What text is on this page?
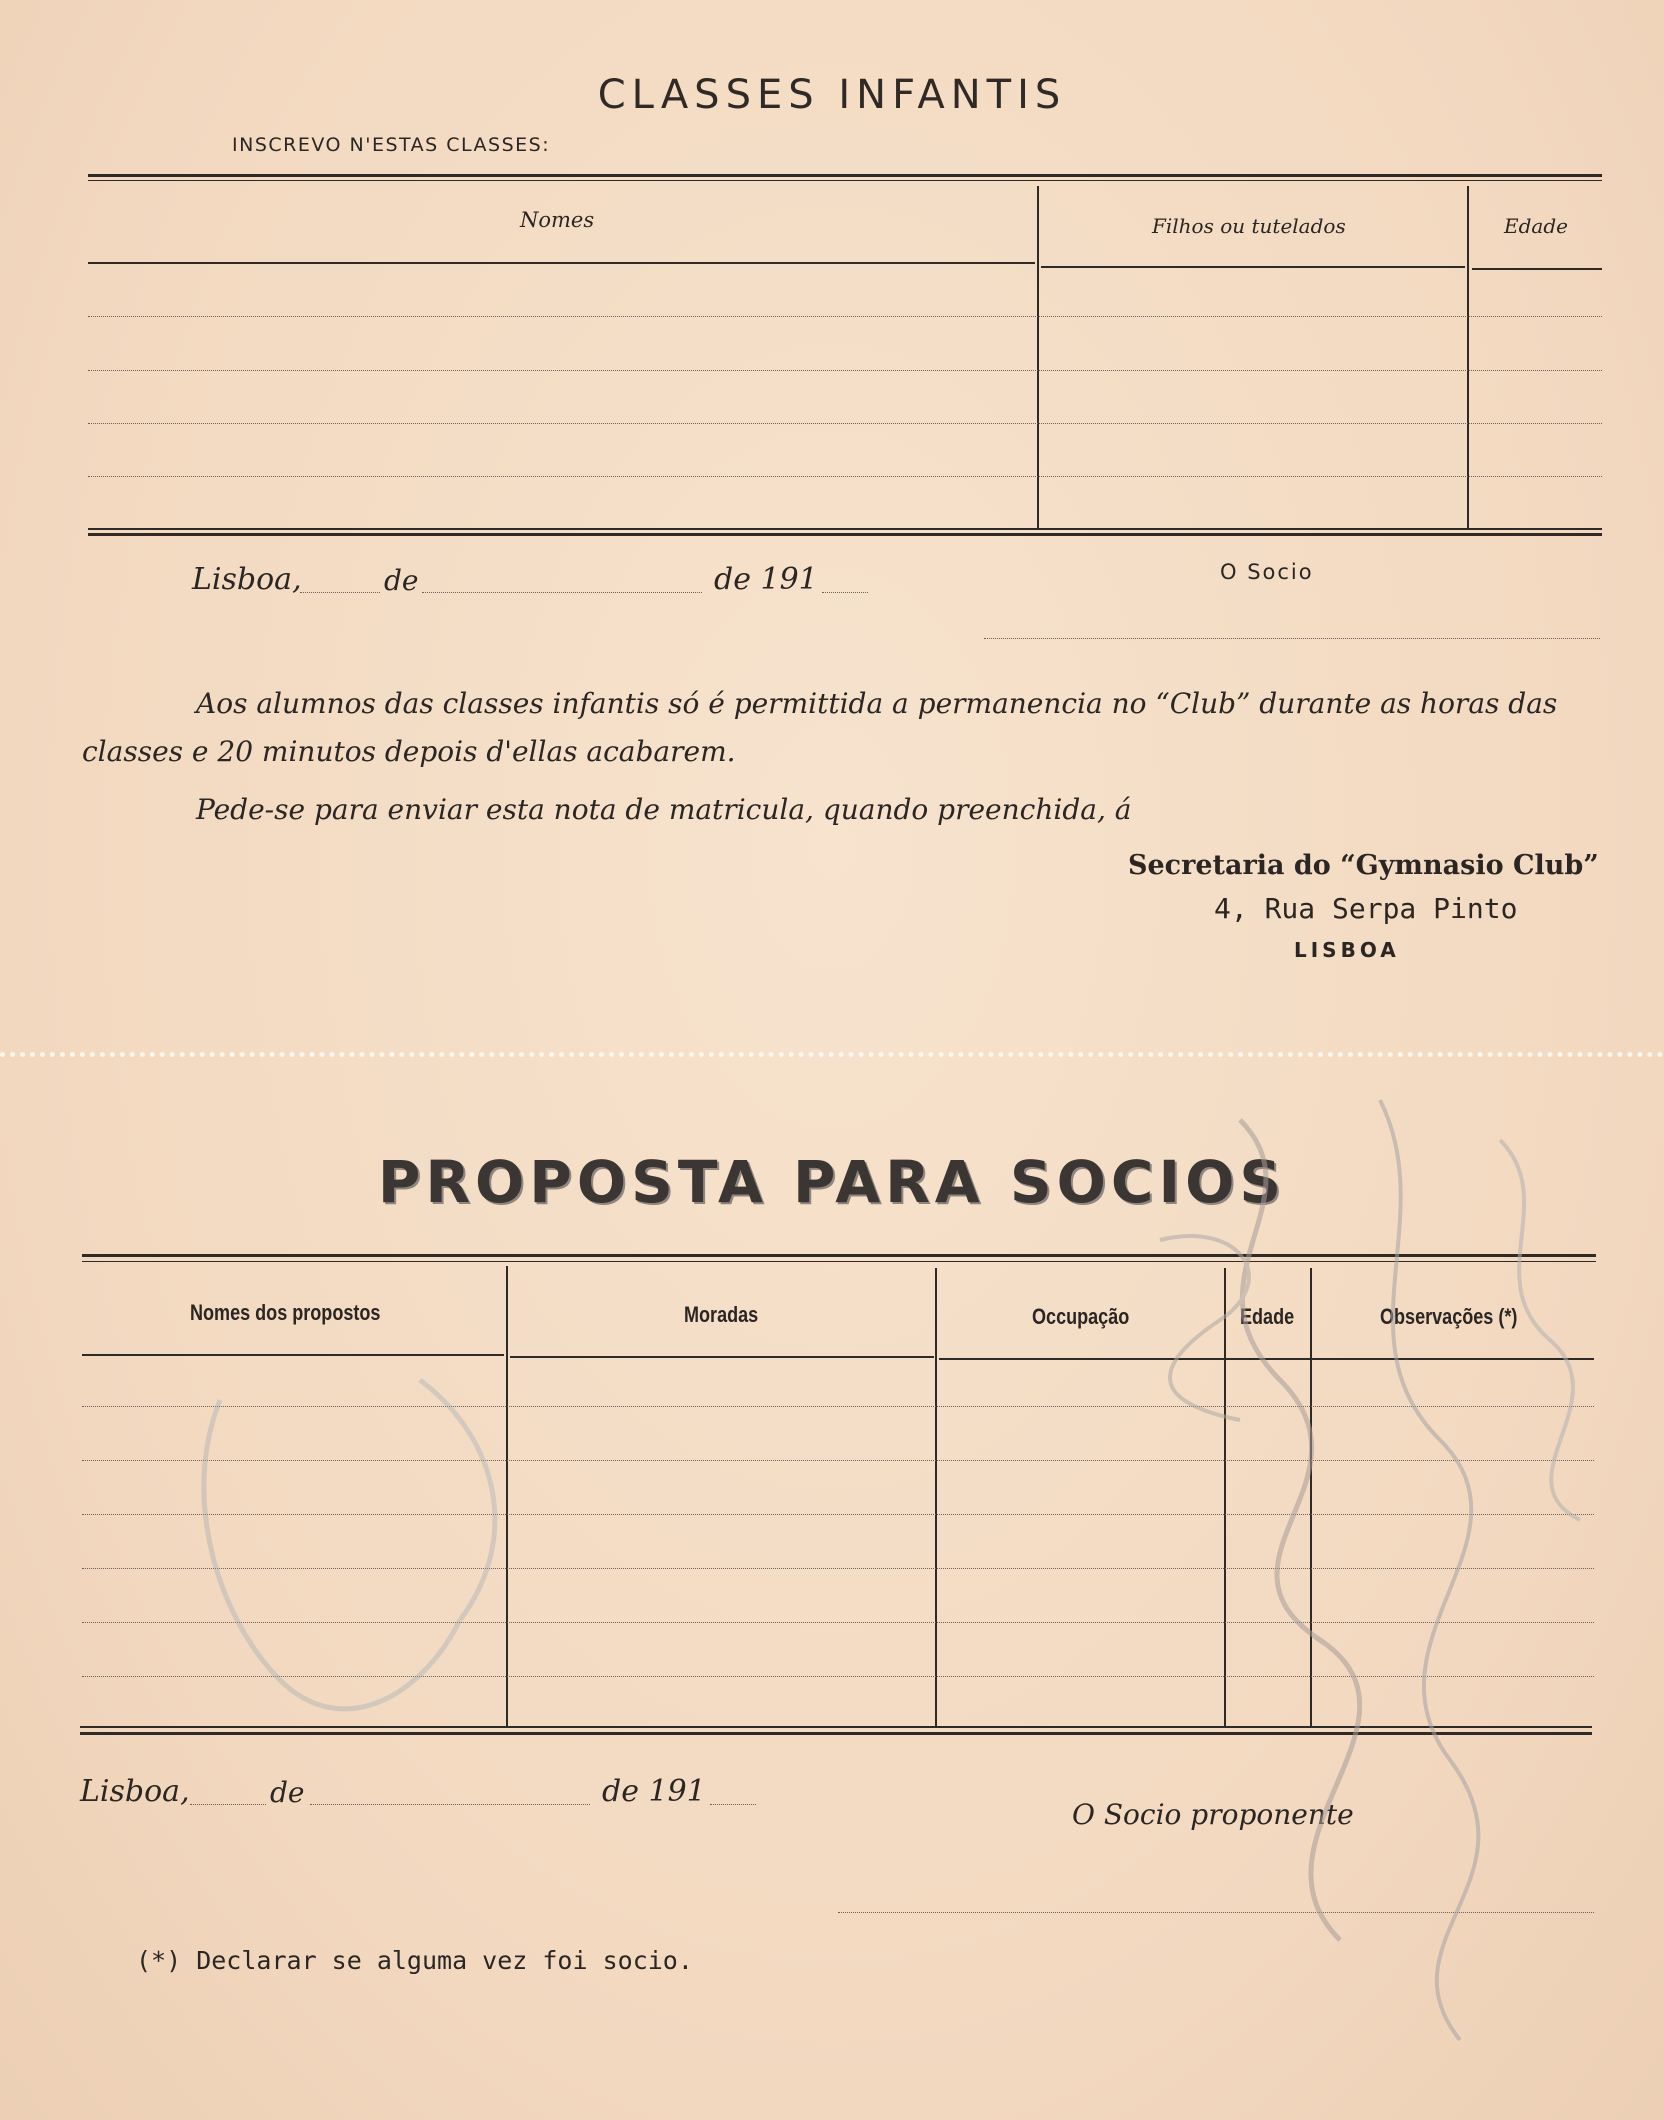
CLASSES INFANTIS
INSCREVO N'ESTAS CLASSES:
Nomes	Filhos ou tutelados	Edade
Lisboa,	de	de 191	O Socio
Aos alumnos das classes infantis só é permittida a permanencia no “Club” durante as horas das
classes e 20 minutos depois d'ellas acabarem.
Pede-se para enviar esta nota de matricula, quando preenchida, á
Secretaria do “Gymnasio Club”
4, Rua Serpa Pinto
LISBOA
PROPOSTA PARA SOCIOS
Nomes dos propostos	Moradas	Occupação	Edade	Observações (*)
Lisboa,	de	de 191
O Socio proponente
(*) Declarar se alguma vez foi socio.
